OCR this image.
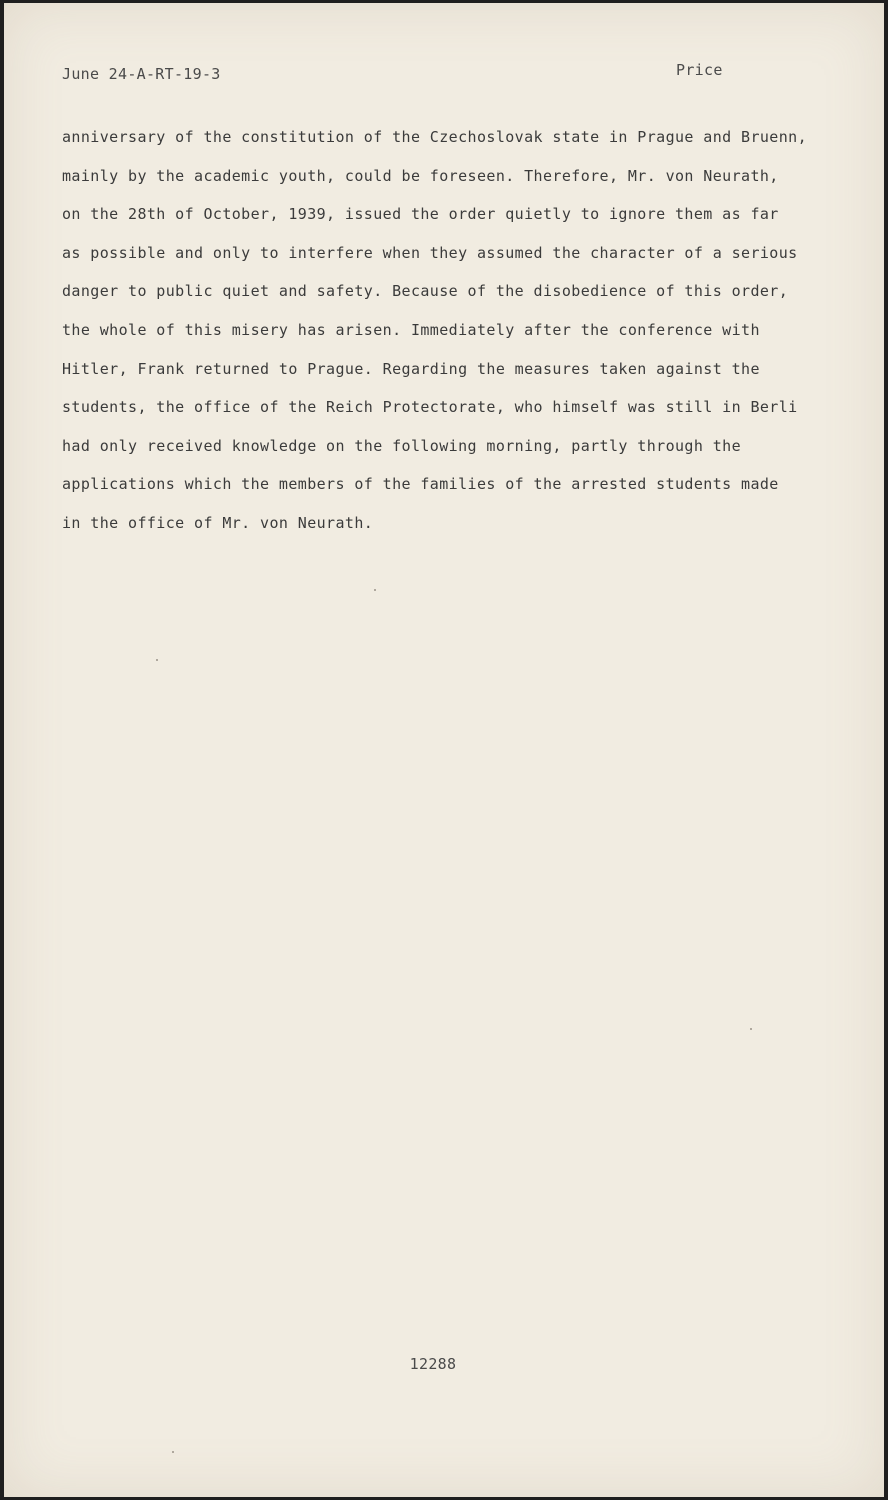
June 24-A-RT-19-3	Price
anniversary of the constitution of the Czechoslovak state in Prague and Bruenn,
mainly by the academic youth, could be foreseen. Therefore, Mr. von Neurath,
on the 28th of October, 1939, issued the order quietly to ignore them as far
as possible and only to interfere when they assumed the character of a serious
danger to public quiet and safety. Because of the disobedience of this order,
the whole of this misery has arisen. Immediately after the conference with
Hitler, Frank returned to Prague. Regarding the measures taken against the
students, the office of the Reich Protectorate, who himself was still in Berli
had only received knowledge on the following morning, partly through the
applications which the members of the families of the arrested students made
in the office of Mr. von Neurath.
12288
